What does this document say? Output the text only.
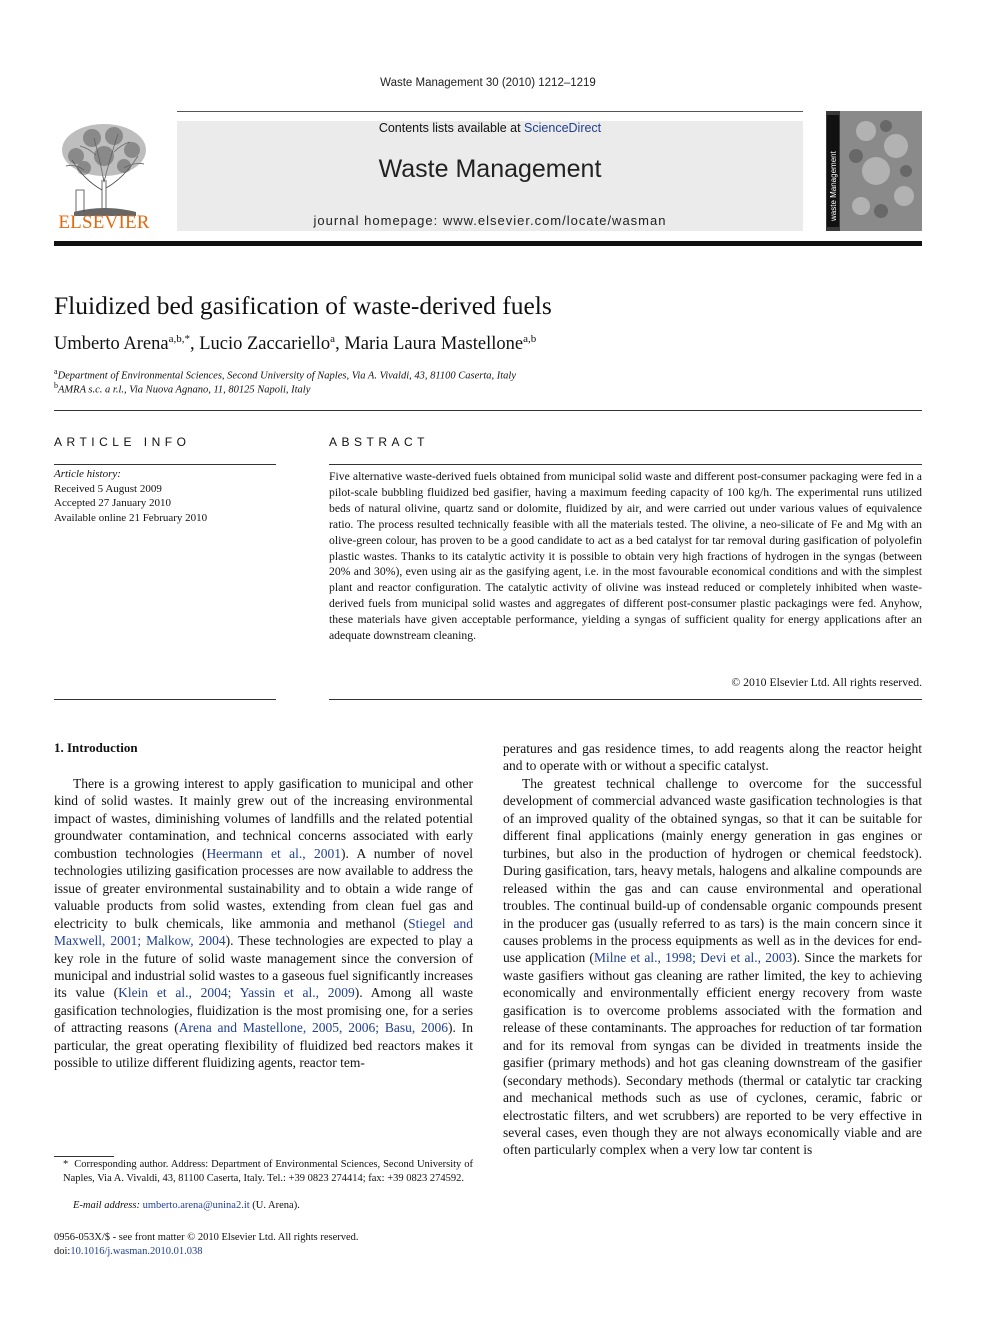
Waste Management 30 (2010) 1212–1219
ELSEVIER
Contents lists available at ScienceDirect
Waste Management
journal homepage: www.elsevier.com/locate/wasman	waste Management
Fluidized bed gasification of waste-derived fuels
Umberto Arena$^{a,b,*}$, Lucio Zaccariello$^a$, Maria Laura Mastellone$^{a,b}$
$^a$Department of Environmental Sciences, Second University of Naples, Via A. Vivaldi, 43, 81100 Caserta, Italy
$^b$AMRA s.c. a r.l., Via Nuova Agnano, 11, 80125 Napoli, Italy
ARTICLE INFO
Article history:
Received 5 August 2009
Accepted 27 January 2010
Available online 21 February 2010
ABSTRACT

Five alternative waste-derived fuels obtained from municipal solid waste and different post-consumer packaging were fed in a pilot-scale bubbling fluidized bed gasifier, having a maximum feeding capacity of 100 kg/h. The experimental runs utilized beds of natural olivine, quartz sand or dolomite, fluidized by air, and were carried out under various values of equivalence ratio. The process resulted technically feasible with all the materials tested. The olivine, a neo-silicate of Fe and Mg with an olive-green colour, has proven to be a good candidate to act as a bed catalyst for tar removal during gasification of polyolefin plastic wastes. Thanks to its catalytic activity it is possible to obtain very high fractions of hydrogen in the syngas (between 20% and 30%), even using air as the gasifying agent, i.e. in the most favourable economical conditions and with the simplest plant and reactor configuration. The catalytic activity of olivine was instead reduced or completely inhibited when waste-derived fuels from municipal solid wastes and aggregates of different post-consumer plastic packagings were fed. Anyhow, these materials have given acceptable performance, yielding a syngas of sufficient quality for energy applications after an adequate downstream cleaning.

© 2010 Elsevier Ltd. All rights reserved.
1. Introduction

There is a growing interest to apply gasification to municipal and other kind of solid wastes. It mainly grew out of the increasing environmental impact of wastes, diminishing volumes of landfills and the related potential groundwater contamination, and technical concerns associated with early combustion technologies (Heermann et al., 2001). A number of novel technologies utilizing gasification processes are now available to address the issue of greater environmental sustainability and to obtain a wide range of valuable products from solid wastes, extending from clean fuel gas and electricity to bulk chemicals, like ammonia and methanol (Stiegel and Maxwell, 2001; Malkow, 2004). These technologies are expected to play a key role in the future of solid waste management since the conversion of municipal and industrial solid wastes to a gaseous fuel significantly increases its value (Klein et al., 2004; Yassin et al., 2009). Among all waste gasification technologies, fluidization is the most promising one, for a series of attracting reasons (Arena and Mastellone, 2005, 2006; Basu, 2006). In particular, the great operating flexibility of fluidized bed reactors makes it possible to utilize different fluidizing agents, reactor tem-

peratures and gas residence times, to add reagents along the reactor height and to operate with or without a specific catalyst.

The greatest technical challenge to overcome for the successful development of commercial advanced waste gasification technologies is that of an improved quality of the obtained syngas, so that it can be suitable for different final applications (mainly energy generation in gas engines or turbines, but also in the production of hydrogen or chemical feedstock). During gasification, tars, heavy metals, halogens and alkaline compounds are released within the gas and can cause environmental and operational troubles. The continual build-up of condensable organic compounds present in the producer gas (usually referred to as tars) is the main concern since it causes problems in the process equipments as well as in the devices for end-use application (Milne et al., 1998; Devi et al., 2003). Since the markets for waste gasifiers without gas cleaning are rather limited, the key to achieving economically and environmentally efficient energy recovery from waste gasification is to overcome problems associated with the formation and release of these contaminants. The approaches for reduction of tar formation and for its removal from syngas can be divided in treatments inside the gasifier (primary methods) and hot gas cleaning downstream of the gasifier (secondary methods). Secondary methods (thermal or catalytic tar cracking and mechanical methods such as use of cyclones, ceramic, fabric or electrostatic filters, and wet scrubbers) are reported to be very effective in several cases, even though they are not always economically viable and are often particularly complex when a very low tar content is

* Corresponding author. Address: Department of Environmental Sciences, Second University of Naples, Via A. Vivaldi, 43, 81100 Caserta, Italy. Tel.: +39 0823 274414; fax: +39 0823 274592.
E-mail address: umberto.arena@unina2.it (U. Arena).
0956-053X/$ - see front matter © 2010 Elsevier Ltd. All rights reserved.
doi:10.1016/j.wasman.2010.01.038
